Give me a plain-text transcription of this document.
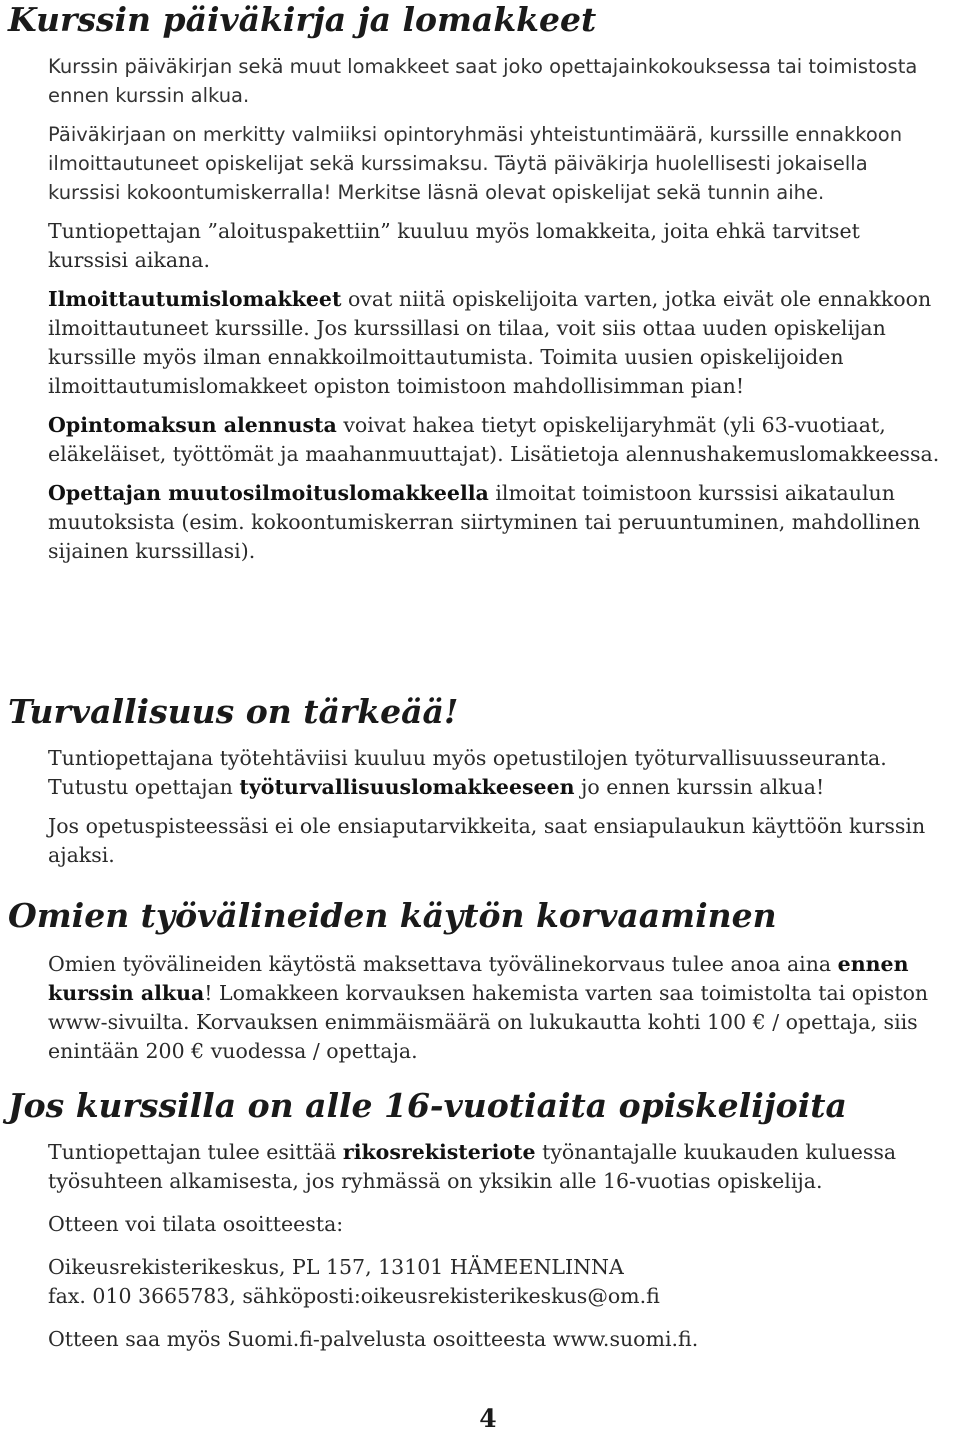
Kurssin päiväkirja ja lomakkeet

Kurssin päiväkirjan sekä muut lomakkeet saat joko opettajainkokouksessa tai toimistosta ennen kurssin alkua.

Päiväkirjaan on merkitty valmiiksi opintoryhmäsi yhteistuntimäärä, kurssille ennakkoon ilmoittautuneet opiskelijat sekä kurssimaksu. Täytä päiväkirja huolellisesti jokaisella kurssisi kokoontumiskerralla! Merkitse läsnä olevat opiskelijat sekä tunnin aihe.

Tuntiopettajan ”aloituspakettiin” kuuluu myös lomakkeita, joita ehkä tarvitset kurssisi aikana.

Ilmoittautumislomakkeet ovat niitä opiskelijoita varten, jotka eivät ole ennakkoon ilmoittautuneet kurssille. Jos kurssillasi on tilaa, voit siis ottaa uuden opiskelijan kurssille myös ilman ennakkoilmoittautumista. Toimita uusien opiskelijoiden ilmoittautumislomakkeet opiston toimistoon mahdollisimman pian!

Opintomaksun alennusta voivat hakea tietyt opiskelijaryhmät (yli 63-vuotiaat, eläkeläiset, työttömät ja maahanmuuttajat). Lisätietoja alennushakemuslomakkeessa.

Opettajan muutosilmoituslomakkeella ilmoitat toimistoon kurssisi aikataulun muutoksista (esim. kokoontumiskerran siirtyminen tai peruuntuminen, mahdollinen sijainen kurssillasi).

Turvallisuus on tärkeää!

Tuntiopettajana työtehtäviisi kuuluu myös opetustilojen työturvallisuusseuranta. Tutustu opettajan työturvallisuuslomakkeeseen jo ennen kurssin alkua!

Jos opetuspisteessäsi ei ole ensiaputarvikkeita, saat ensiapulaukun käyttöön kurssin ajaksi.

Omien työvälineiden käytön korvaaminen

Omien työvälineiden käytöstä maksettava työvälinekorvaus tulee anoa aina ennen kurssin alkua! Lomakkeen korvauksen hakemista varten saa toimistolta tai opiston www-sivuilta. Korvauksen enimmäismäärä on lukukautta kohti 100 € / opettaja, siis enintään 200 € vuodessa / opettaja.

Jos kurssilla on alle 16-vuotiaita opiskelijoita

Tuntiopettajan tulee esittää rikosrekisteriote työnantajalle kuukauden kuluessa työsuhteen alkamisesta, jos ryhmässä on yksikin alle 16-vuotias opiskelija.

Otteen voi tilata osoitteesta:

Oikeusrekisterikeskus, PL 157, 13101 HÄMEENLINNA
fax. 010 3665783, sähköposti:oikeusrekisterikeskus@om.fi

Otteen saa myös Suomi.fi-palvelusta osoitteesta www.suomi.fi.

4
